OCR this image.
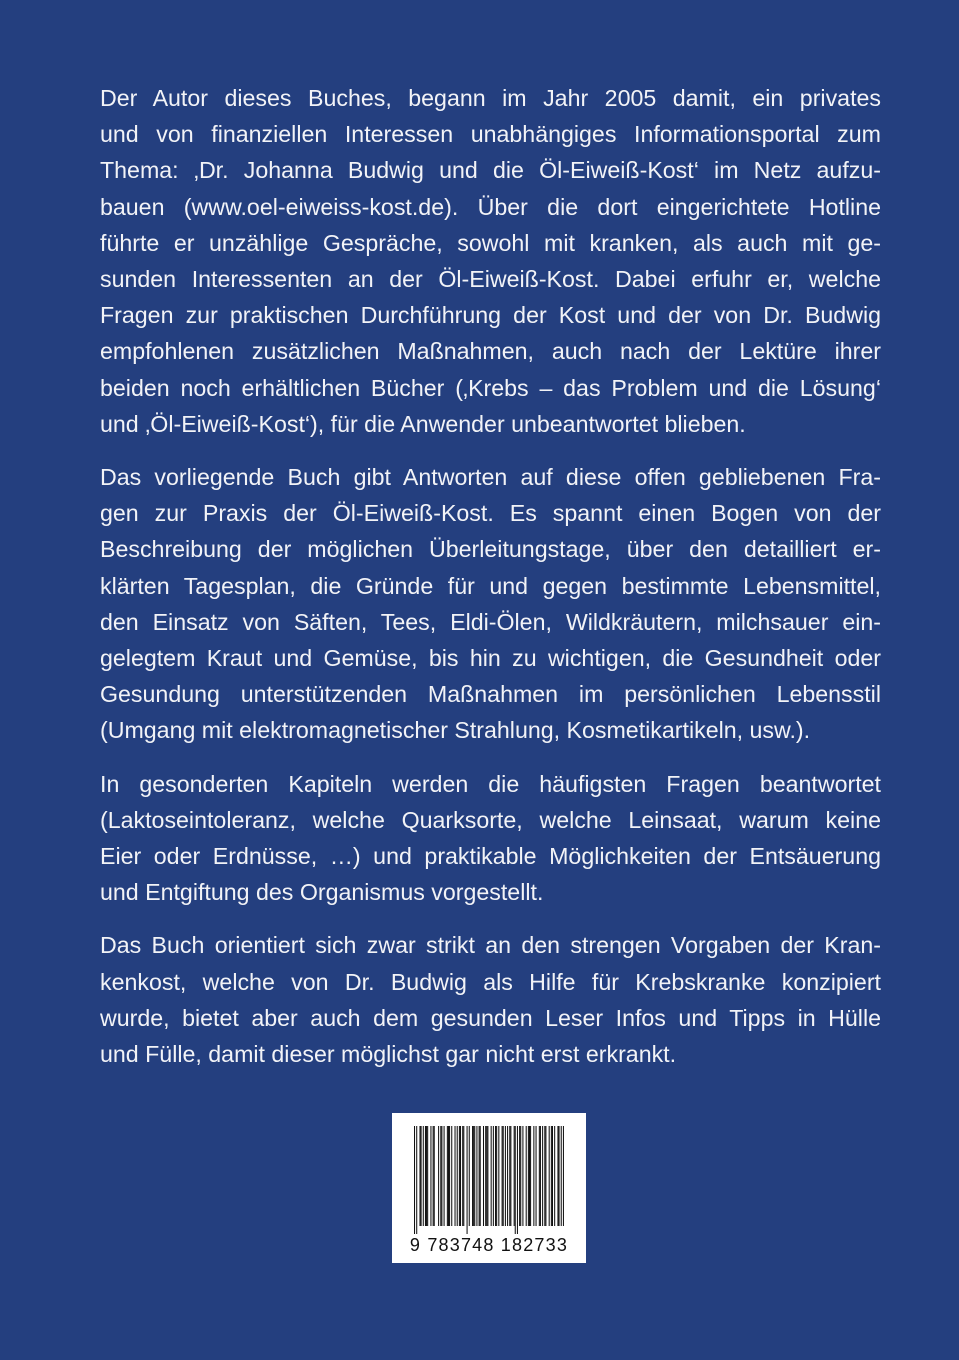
Der Autor dieses Buches, begann im Jahr 2005 damit, ein privates
und von finanziellen Interessen unabhängiges Informationsportal zum
Thema: ‚Dr. Johanna Budwig und die Öl-Eiweiß-Kost‘ im Netz aufzu-
bauen (www.oel-eiweiss-kost.de). Über die dort eingerichtete Hotline
führte er unzählige Gespräche, sowohl mit kranken, als auch mit ge-
sunden Interessenten an der Öl-Eiweiß-Kost. Dabei erfuhr er, welche
Fragen zur praktischen Durchführung der Kost und der von Dr. Budwig
empfohlenen zusätzlichen Maßnahmen, auch nach der Lektüre ihrer
beiden noch erhältlichen Bücher (‚Krebs – das Problem und die Lösung‘
und ‚Öl-Eiweiß-Kost‘), für die Anwender unbeantwortet blieben.
Das vorliegende Buch gibt Antworten auf diese offen gebliebenen Fra-
gen zur Praxis der Öl-Eiweiß-Kost. Es spannt einen Bogen von der
Beschreibung der möglichen Überleitungstage, über den detailliert er-
klärten Tagesplan, die Gründe für und gegen bestimmte Lebensmittel,
den Einsatz von Säften, Tees, Eldi-Ölen, Wildkräutern, milchsauer ein-
gelegtem Kraut und Gemüse, bis hin zu wichtigen, die Gesundheit oder
Gesundung unterstützenden Maßnahmen im persönlichen Lebensstil
(Umgang mit elektromagnetischer Strahlung, Kosmetikartikeln, usw.).
In gesonderten Kapiteln werden die häufigsten Fragen beantwortet
(Laktoseintoleranz, welche Quarksorte, welche Leinsaat, warum keine
Eier oder Erdnüsse, …) und praktikable Möglichkeiten der Entsäuerung
und Entgiftung des Organismus vorgestellt.
Das Buch orientiert sich zwar strikt an den strengen Vorgaben der Kran-
kenkost, welche von Dr. Budwig als Hilfe für Krebskranke konzipiert
wurde, bietet aber auch dem gesunden Leser Infos und Tipps in Hülle
und Fülle, damit dieser möglichst gar nicht erst erkrankt.
9 783748 182733
